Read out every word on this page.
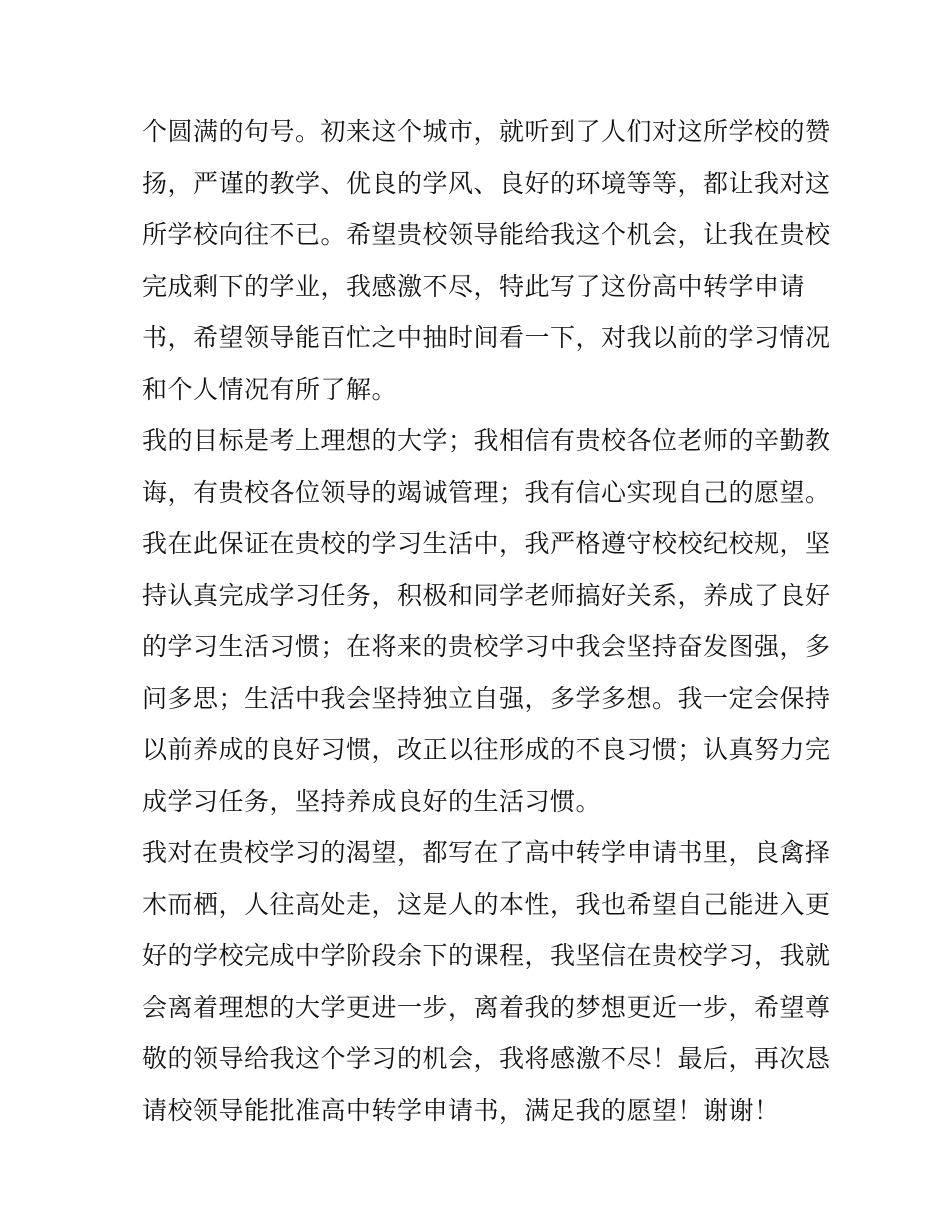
个圆满的句号。初来这个城市，就听到了人们对这所学校的赞
扬，严谨的教学、优良的学风、良好的环境等等，都让我对这
所学校向往不已。希望贵校领导能给我这个机会，让我在贵校
完成剩下的学业，我感激不尽，特此写了这份高中转学申请
书，希望领导能百忙之中抽时间看一下，对我以前的学习情况
和个人情况有所了解。
我的目标是考上理想的大学；我相信有贵校各位老师的辛勤教
诲，有贵校各位领导的竭诚管理；我有信心实现自己的愿望。
我在此保证在贵校的学习生活中，我严格遵守校校纪校规，坚
持认真完成学习任务，积极和同学老师搞好关系，养成了良好
的学习生活习惯；在将来的贵校学习中我会坚持奋发图强，多
问多思；生活中我会坚持独立自强，多学多想。我一定会保持
以前养成的良好习惯，改正以往形成的不良习惯；认真努力完
成学习任务，坚持养成良好的生活习惯。
我对在贵校学习的渴望，都写在了高中转学申请书里，良禽择
木而栖，人往高处走，这是人的本性，我也希望自己能进入更
好的学校完成中学阶段余下的课程，我坚信在贵校学习，我就
会离着理想的大学更进一步，离着我的梦想更近一步，希望尊
敬的领导给我这个学习的机会，我将感激不尽！最后，再次恳
请校领导能批准高中转学申请书，满足我的愿望！谢谢！
